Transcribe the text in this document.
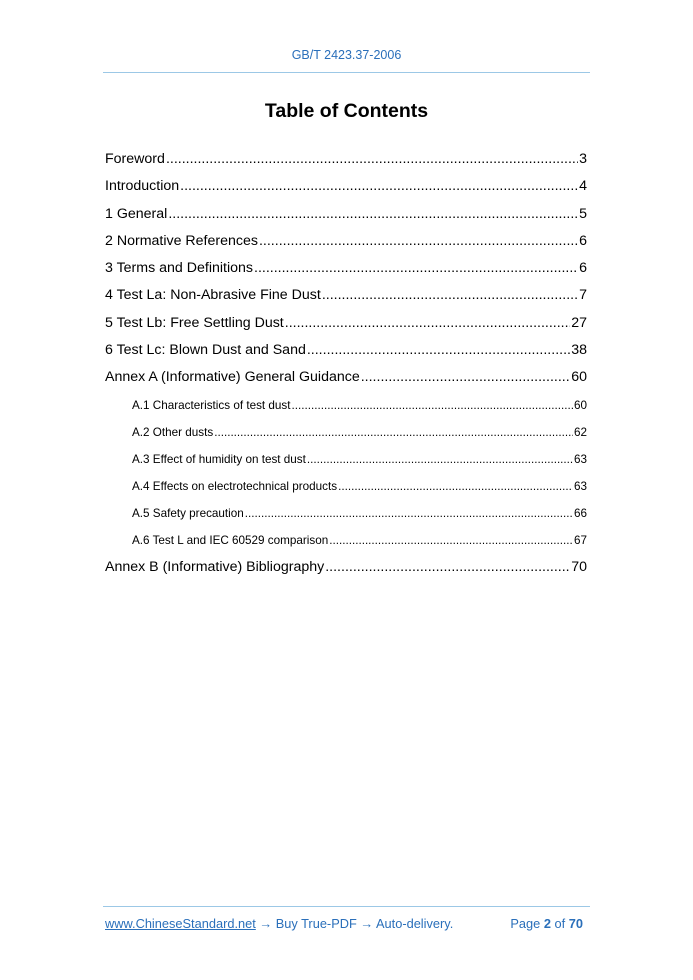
GB/T 2423.37-2006
Table of Contents
Foreword .....	3
Introduction .....	4
1 General .....	5
2 Normative References .....	6
3 Terms and Definitions .....	6
4 Test La: Non-Abrasive Fine Dust .....	7
5 Test Lb: Free Settling Dust .....	27
6 Test Lc: Blown Dust and Sand .....	38
Annex A (Informative) General Guidance .....	60
A.1 Characteristics of test dust .....	60
A.2 Other dusts .....	62
A.3 Effect of humidity on test dust .....	63
A.4 Effects on electrotechnical products .....	63
A.5 Safety precaution .....	66
A.6 Test L and IEC 60529 comparison .....	67
Annex B (Informative) Bibliography .....	70
www.ChineseStandard.net → Buy True-PDF → Auto-delivery.	Page 2 of 70
